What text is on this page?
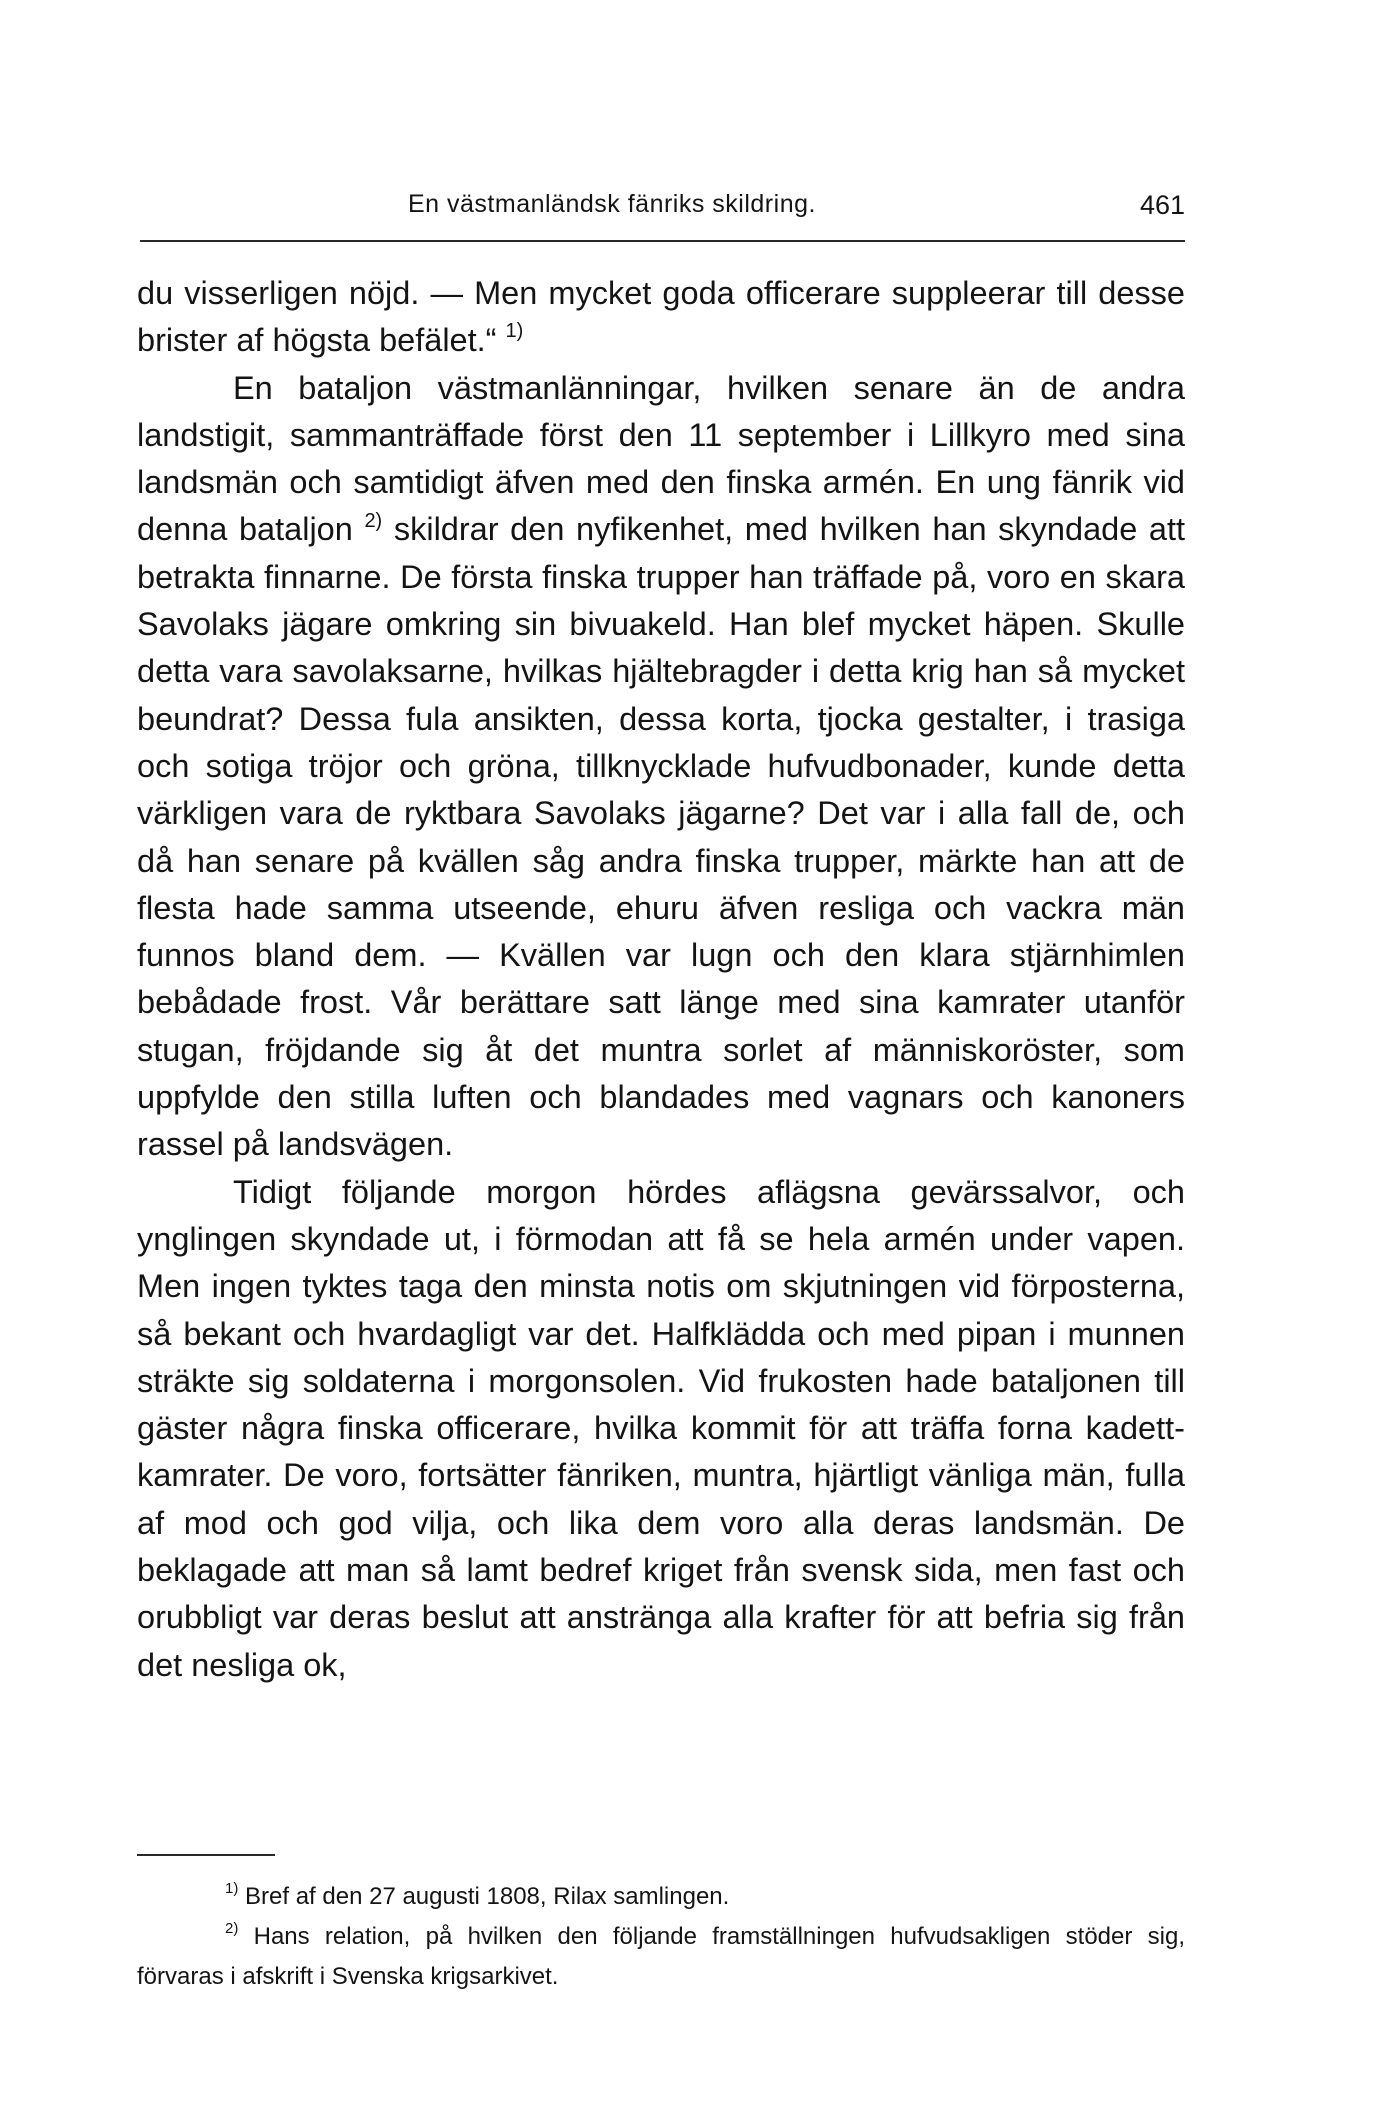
En västmanländsk fänriks skildring.	461

du visserligen nöjd. — Men mycket goda officerare suppleerar till desse brister af högsta befälet.“ $^{1)}$

En bataljon västmanlänningar, hvilken senare än de andra landstigit, sammanträffade först den 11 september i Lillkyro med sina landsmän och samtidigt äfven med den finska armén. En ung fänrik vid denna bataljon $^{2)}$ skildrar den nyfikenhet, med hvilken han skyndade att betrakta finnarne. De första finska trupper han träffade på, voro en skara Savolaks jägare omkring sin bivuakeld. Han blef mycket häpen. Skulle detta vara savolaksarne, hvilkas hjältebragder i detta krig han så mycket beundrat? Dessa fula ansikten, dessa korta, tjocka gestalter, i trasiga och sotiga tröjor och gröna, tillknycklade hufvudbonader, kunde detta värkligen vara de ryktbara Savolaks jägarne? Det var i alla fall de, och då han senare på kvällen såg andra finska trupper, märkte han att de flesta hade samma utseende, ehuru äfven resliga och vackra män funnos bland dem. — Kvällen var lugn och den klara stjärnhimlen bebådade frost. Vår berättare satt länge med sina kamrater utanför stugan, fröjdande sig åt det muntra sorlet af människoröster, som uppfylde den stilla luften och blandades med vagnars och kanoners rassel på landsvägen.

Tidigt följande morgon hördes aflägsna gevärssalvor, och ynglingen skyndade ut, i förmodan att få se hela armén under vapen. Men ingen tyktes taga den minsta notis om skjutningen vid förposterna, så bekant och hvardagligt var det. Halfklädda och med pipan i munnen sträkte sig soldaterna i morgonsolen. Vid frukosten hade bataljonen till gäster några finska officerare, hvilka kommit för att träffa forna kadettkamrater. De voro, fortsätter fänriken, muntra, hjärtligt vänliga män, fulla af mod och god vilja, och lika dem voro alla deras landsmän. De beklagade att man så lamt bedref kriget från svensk sida, men fast och orubbligt var deras beslut att anstränga alla krafter för att befria sig från det nesliga ok,

$^{1)}$ Bref af den 27 augusti 1808, Rilax samlingen.

$^{2)}$ Hans relation, på hvilken den följande framställningen hufvudsakligen stöder sig, förvaras i afskrift i Svenska krigsarkivet.
